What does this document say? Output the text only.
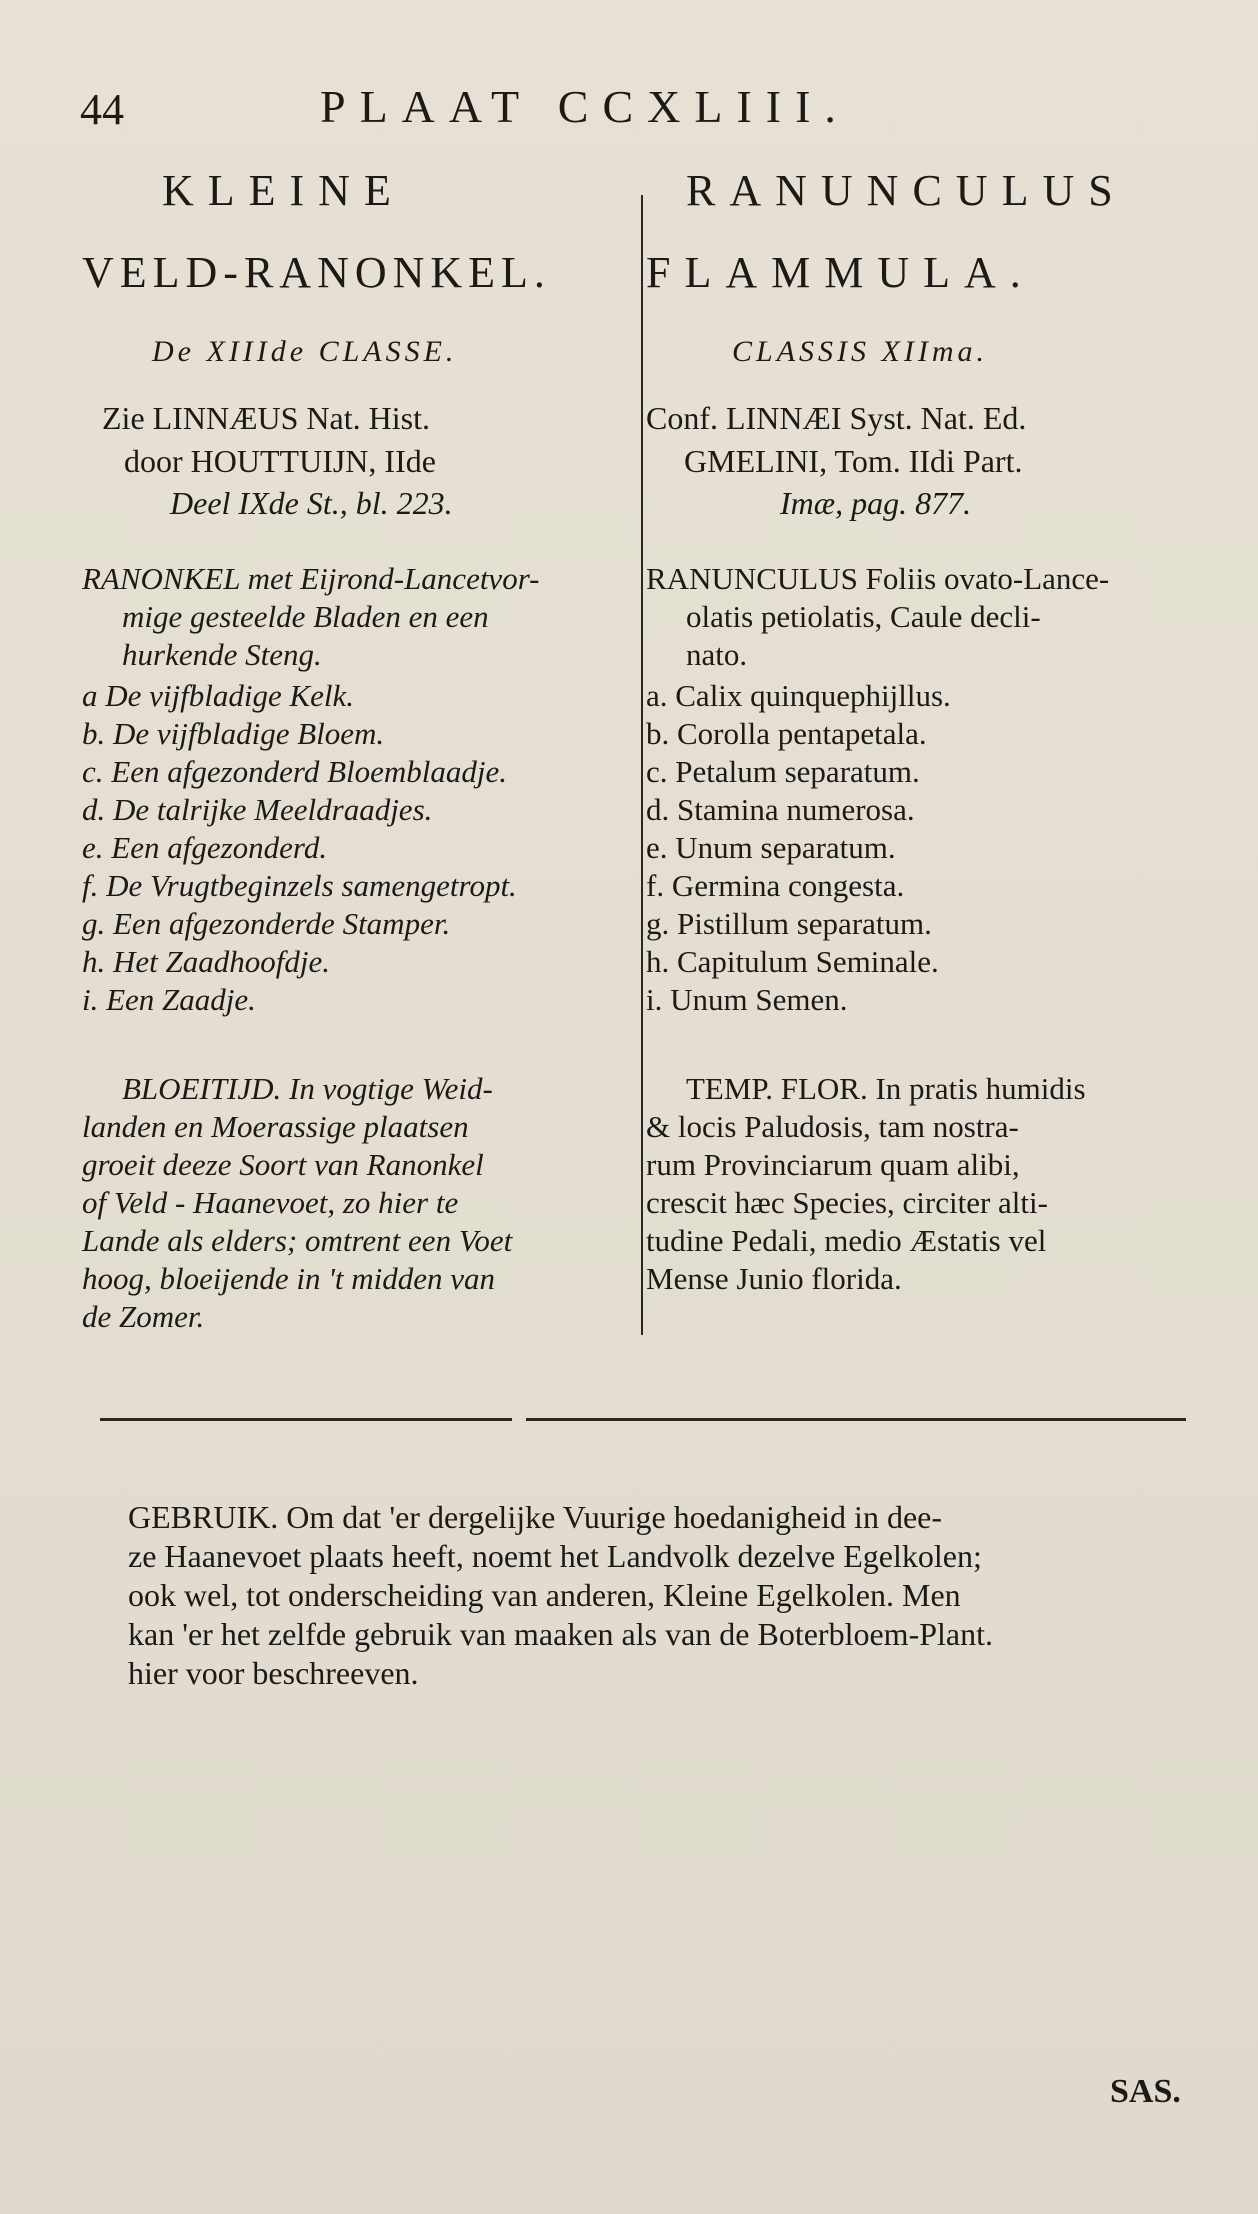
44	PLAAT CCXLIII.
KLEINE
VELD-RANONKEL.
De XIIIde CLASSE.
Zie LINNÆUS Nat. Hist.
door HOUTTUIJN, IIde
Deel IXde St., bl. 223.
RANONKEL met Eijrond-Lancetvor-
mige gesteelde Bladen en een
hurkende Steng.
a De vijfbladige Kelk.
b. De vijfbladige Bloem.
c. Een afgezonderd Bloemblaadje.
d. De talrijke Meeldraadjes.
e. Een afgezonderd.
f. De Vrugtbeginzels samengetropt.
g. Een afgezonderde Stamper.
h. Het Zaadhoofdje.
i. Een Zaadje.
BLOEITIJD. In vogtige Weid-
landen en Moerassige plaatsen
groeit deeze Soort van Ranonkel
of Veld - Haanevoet, zo hier te
Lande als elders; omtrent een Voet
hoog, bloeijende in 't midden van
de Zomer.
RANUNCULUS
FLAMMULA.
CLASSIS XIIma.
Conf. LINNÆI Syst. Nat. Ed.
GMELINI, Tom. IIdi Part.
Imæ, pag. 877.
RANUNCULUS Foliis ovato-Lance-
olatis petiolatis, Caule decli-
nato.
a. Calix quinquephijllus.
b. Corolla pentapetala.
c. Petalum separatum.
d. Stamina numerosa.
e. Unum separatum.
f. Germina congesta.
g. Pistillum separatum.
h. Capitulum Seminale.
i. Unum Semen.
TEMP. FLOR. In pratis humidis
& locis Paludosis, tam nostra-
rum Provinciarum quam alibi,
crescit hæc Species, circiter alti-
tudine Pedali, medio Æstatis vel
Mense Junio florida.
GEBRUIK. Om dat 'er dergelijke Vuurige hoedanigheid in dee-
ze Haanevoet plaats heeft, noemt het Landvolk dezelve Egelkolen;
ook wel, tot onderscheiding van anderen, Kleine Egelkolen. Men
kan 'er het zelfde gebruik van maaken als van de Boterbloem-Plant.
hier voor beschreeven.
SAS.
